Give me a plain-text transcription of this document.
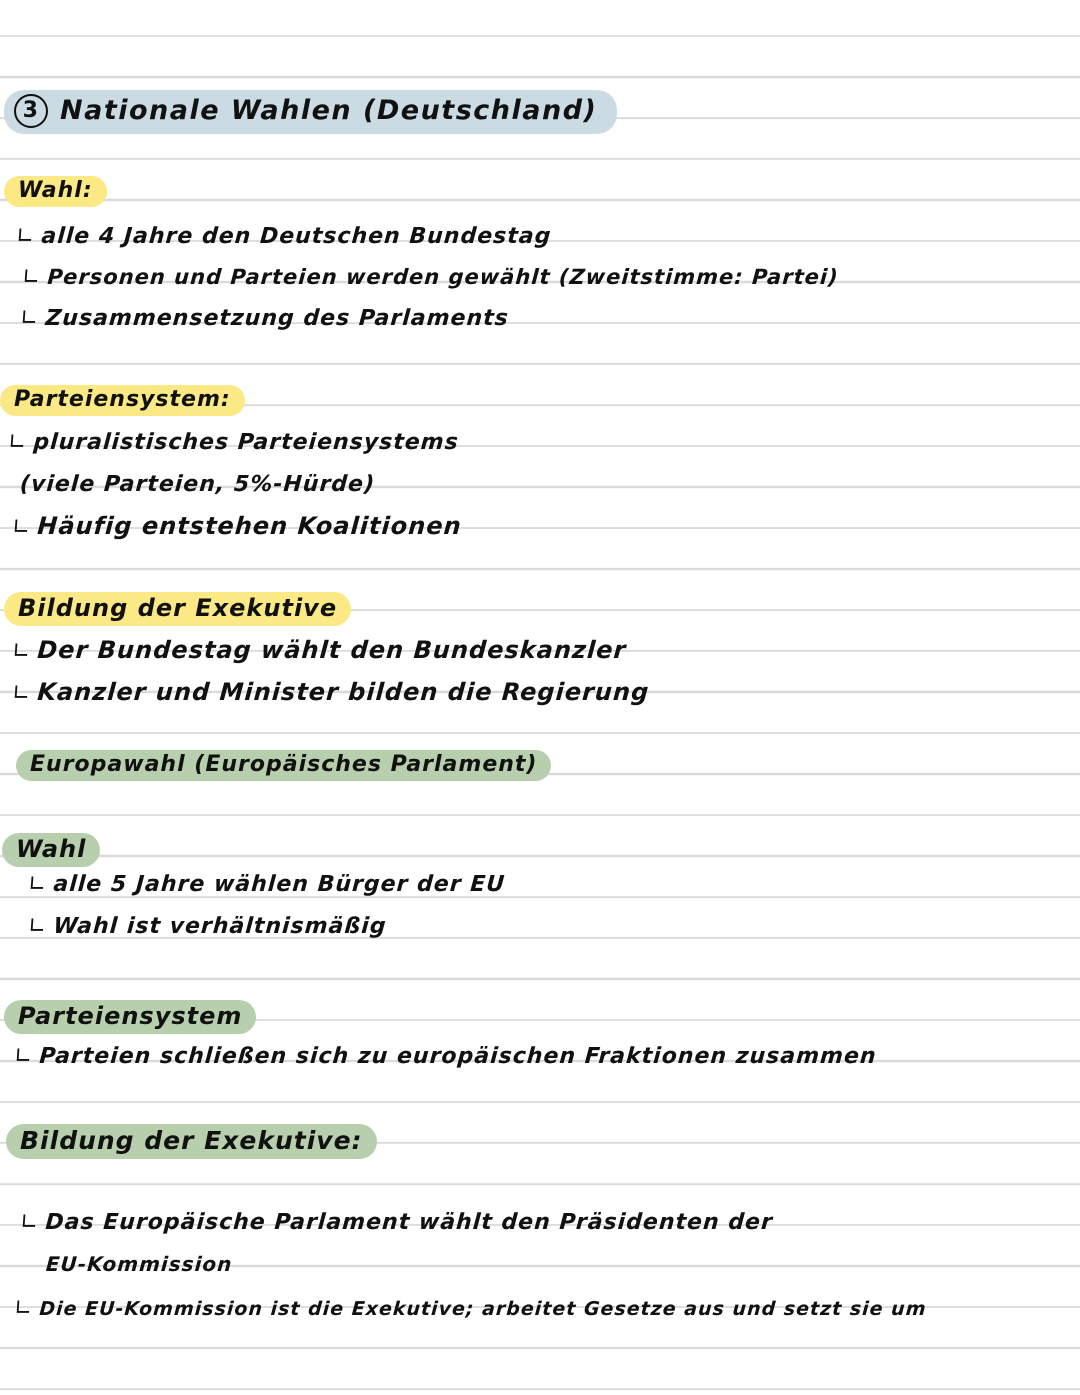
3 Nationale Wahlen (Deutschland)
Wahl:
∟ alle 4 Jahre den Deutschen Bundestag
∟ Personen und Parteien werden gewählt (Zweitstimme: Partei)
∟ Zusammensetzung des Parlaments
Parteiensystem:
∟ pluralistisches Parteiensystems
(viele Parteien, 5%-Hürde)
∟ Häufig entstehen Koalitionen
Bildung der Exekutive
∟ Der Bundestag wählt den Bundeskanzler
∟ Kanzler und Minister bilden die Regierung
Europawahl (Europäisches Parlament)
Wahl
∟ alle 5 Jahre wählen Bürger der EU
∟ Wahl ist verhältnismäßig
Parteiensystem
∟ Parteien schließen sich zu europäischen Fraktionen zusammen
Bildung der Exekutive:
∟ Das Europäische Parlament wählt den Präsidenten der
EU-Kommission
∟ Die EU-Kommission ist die Exekutive; arbeitet Gesetze aus und setzt sie um
